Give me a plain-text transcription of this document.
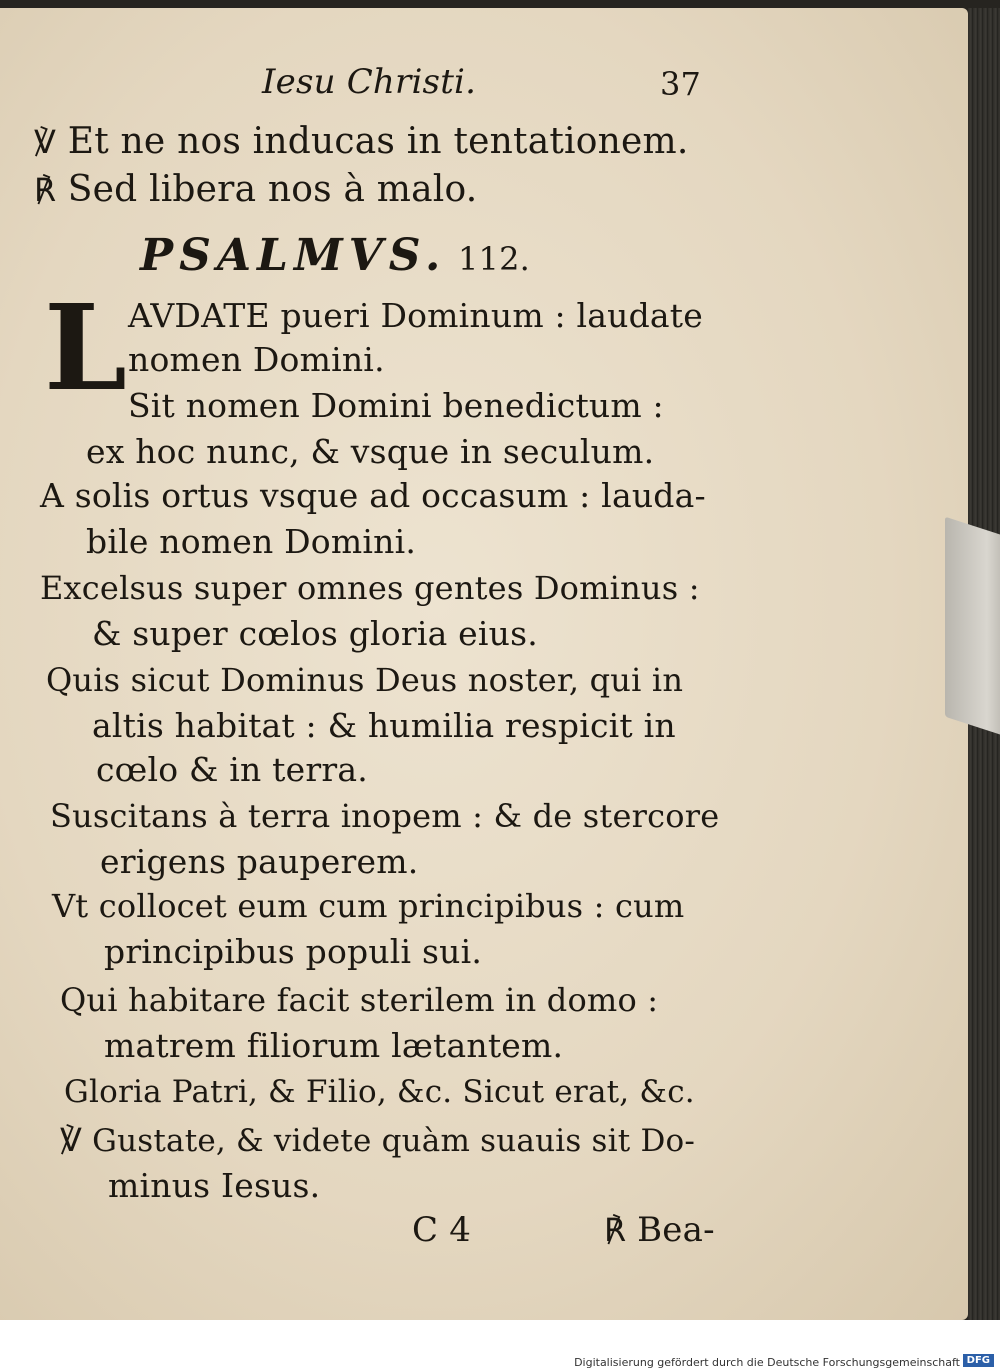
Iesu Christi.	37
℣ Et ne nos inducas in tentationem.
℟ Sed libera nos à malo.
PSALMVS. 112.
L AVDATE pueri Dominum : laudate
nomen Domini.
Sit nomen Domini benedictum :
ex hoc nunc, & vsque in seculum.
A solis ortus vsque ad occasum : lauda-
bile nomen Domini.
Excelsus super omnes gentes Dominus :
& super cœlos gloria eius.
Quis sicut Dominus Deus noster, qui in
altis habitat : & humilia respicit in
cœlo & in terra.
Suscitans à terra inopem : & de stercore
erigens pauperem.
Vt collocet eum cum principibus : cum
principibus populi sui.
Qui habitare facit sterilem in domo :
matrem filiorum lætantem.
Gloria Patri, & Filio, &c. Sicut erat, &c.
℣ Gustate, & videte quàm suauis sit Do-
minus Iesus.
C 4	℟ Bea-
Digitalisierung gefördert durch die Deutsche Forschungsgemeinschaft DFG
